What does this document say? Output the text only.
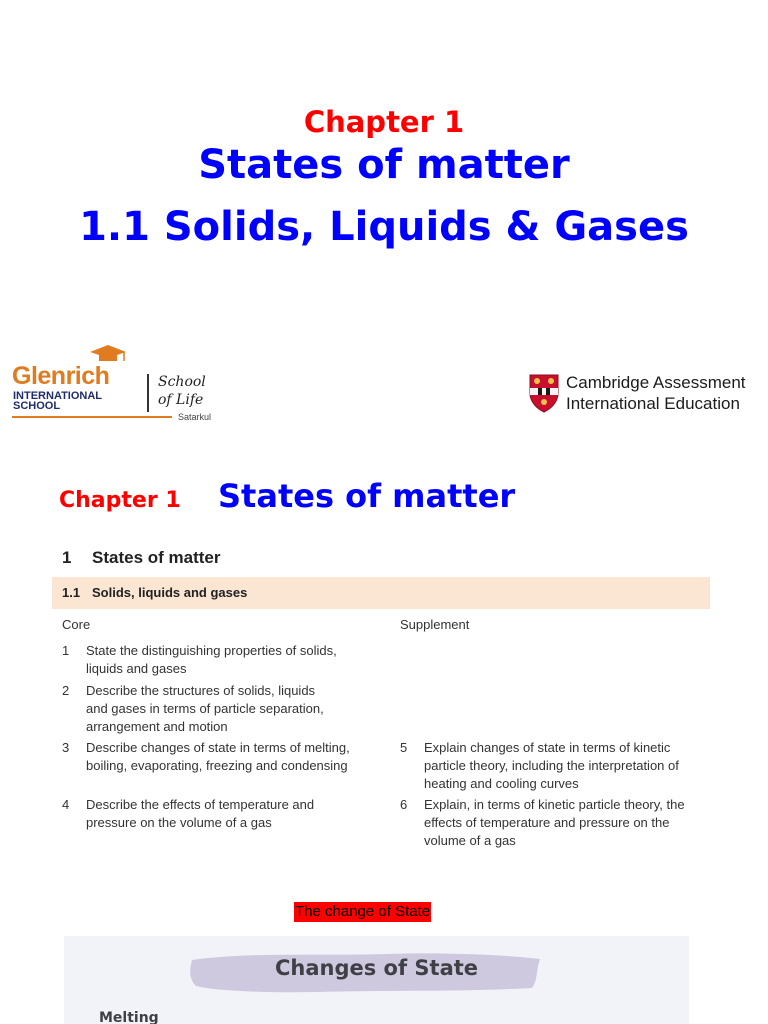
Chapter 1
States of matter
1.1 Solids, Liquids & Gases
Glenrich
INTERNATIONAL
SCHOOL
School
of Life
Satarkul
Cambridge Assessment
International Education
Chapter 1 States of matter
1 States of matter
1.1 Solids, liquids and gases
Core	Supplement
1 State the distinguishing properties of solids,
liquids and gases
2 Describe the structures of solids, liquids
and gases in terms of particle separation,
arrangement and motion
3 Describe changes of state in terms of melting,
boiling, evaporating, freezing and condensing
4 Describe the effects of temperature and
pressure on the volume of a gas
5 Explain changes of state in terms of kinetic
particle theory, including the interpretation of
heating and cooling curves
6 Explain, in terms of kinetic particle theory, the
effects of temperature and pressure on the
volume of a gas
The change of State
Changes of State
Melting
